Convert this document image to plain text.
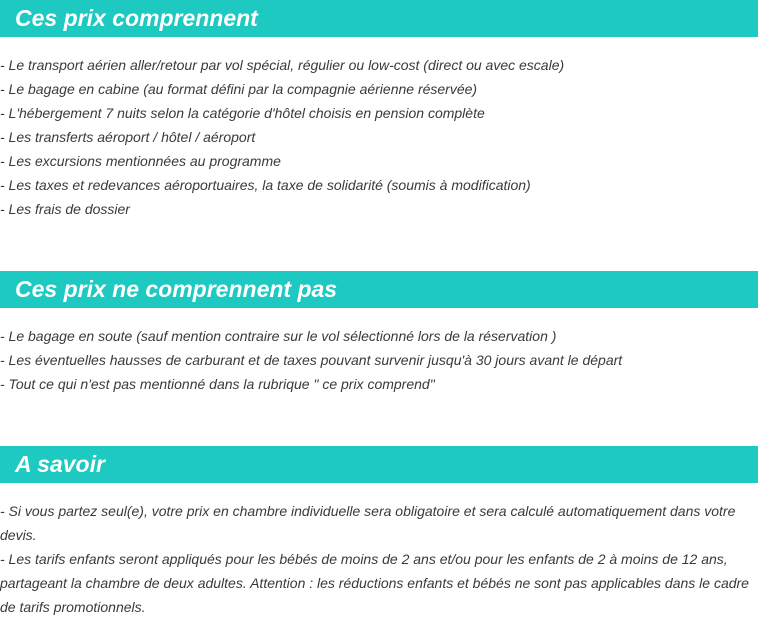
Ces prix comprennent
- Le transport aérien aller/retour par vol spécial, régulier ou low-cost (direct ou avec escale)
- Le bagage en cabine (au format défini par la compagnie aérienne réservée)
- L'hébergement 7 nuits selon la catégorie d'hôtel choisis en pension complète
- Les transferts aéroport / hôtel / aéroport
- Les excursions mentionnées au programme
- Les taxes et redevances aéroportuaires, la taxe de solidarité (soumis à modification)
- Les frais de dossier
Ces prix ne comprennent pas
- Le bagage en soute (sauf mention contraire sur le vol sélectionné lors de la réservation )
- Les éventuelles hausses de carburant et de taxes pouvant survenir jusqu'à 30 jours avant le départ
- Tout ce qui n'est pas mentionné dans la rubrique " ce prix comprend"
A savoir
- Si vous partez seul(e), votre prix en chambre individuelle sera obligatoire et sera calculé automatiquement dans votre devis.
- Les tarifs enfants seront appliqués pour les bébés de moins de 2 ans et/ou pour les enfants de 2 à moins de 12 ans, partageant la chambre de deux adultes. Attention : les réductions enfants et bébés ne sont pas applicables dans le cadre de tarifs promotionnels.
